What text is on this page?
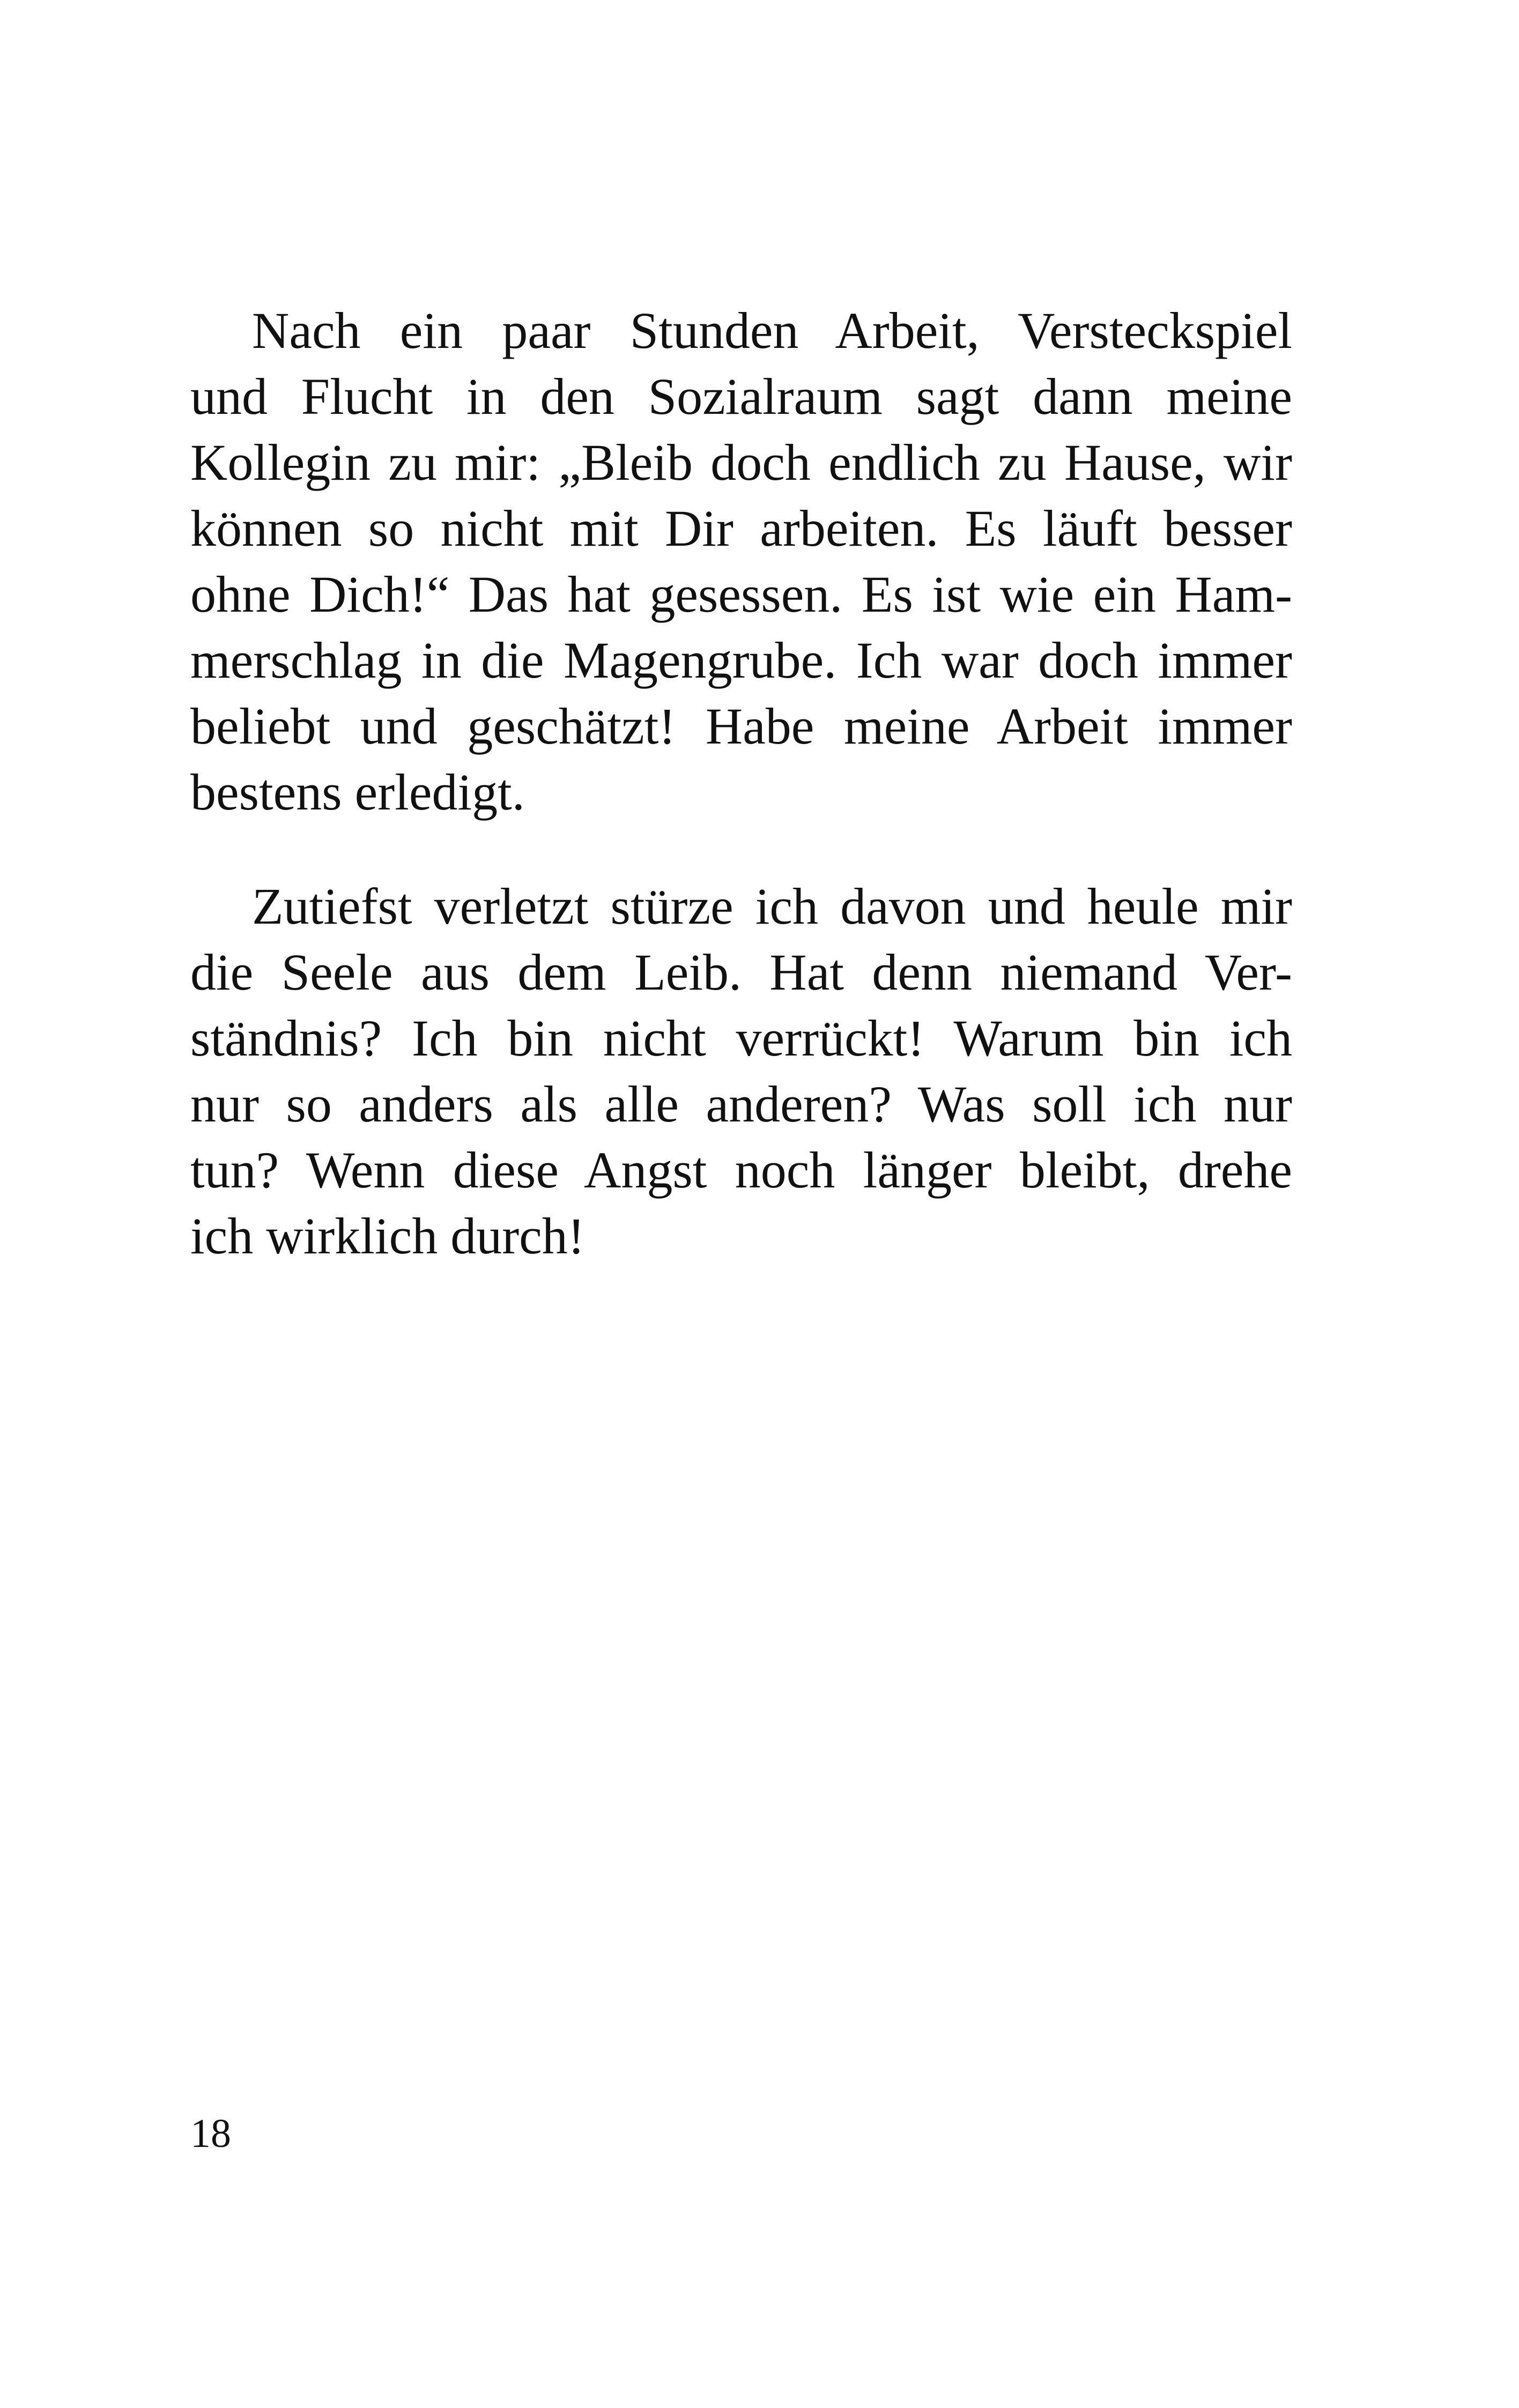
Nach ein paar Stunden Arbeit, Versteckspiel
und Flucht in den Sozialraum sagt dann meine
Kollegin zu mir: „Bleib doch endlich zu Hause, wir
können so nicht mit Dir arbeiten. Es läuft besser
ohne Dich!“ Das hat gesessen. Es ist wie ein Ham-
merschlag in die Magengrube. Ich war doch immer
beliebt und geschätzt! Habe meine Arbeit immer
bestens erledigt.
Zutiefst verletzt stürze ich davon und heule mir
die Seele aus dem Leib. Hat denn niemand Ver-
ständnis? Ich bin nicht verrückt! Warum bin ich
nur so anders als alle anderen? Was soll ich nur
tun? Wenn diese Angst noch länger bleibt, drehe
ich wirklich durch!
18
